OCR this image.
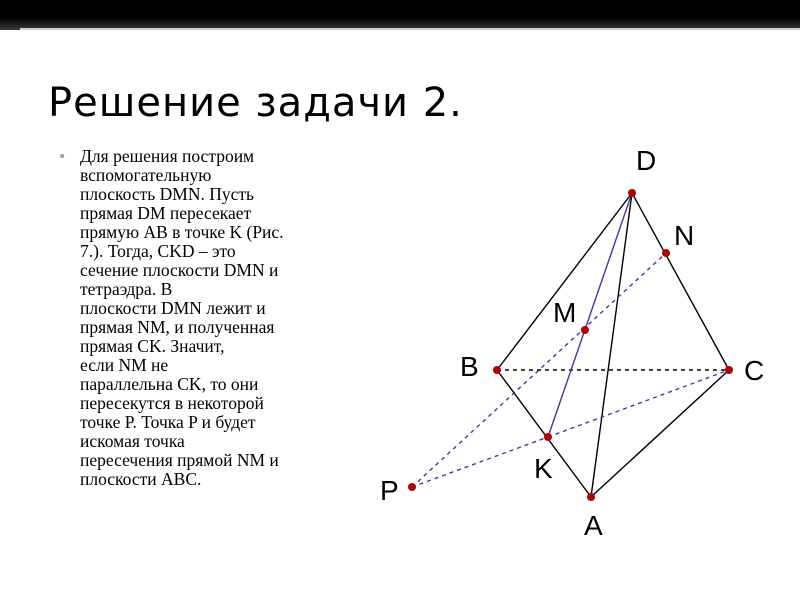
Решение задачи 2.
• Для решения построим
вспомогательную
плоскость DMN. Пусть
прямая DM пересекает
прямую AB в точке K (Рис.
7.). Тогда, CKD – это
сечение плоскости DMN и
тетраэдра. В
плоскости DMN лежит и
прямая NM, и полученная
прямая CK. Значит,
если NM не
параллельна CK, то они
пересекутся в некоторой
точке P. Точка P и будет
искомая точка
пересечения прямой NM и
плоскости ABC.
D
N
M
B	C
K
A
P
